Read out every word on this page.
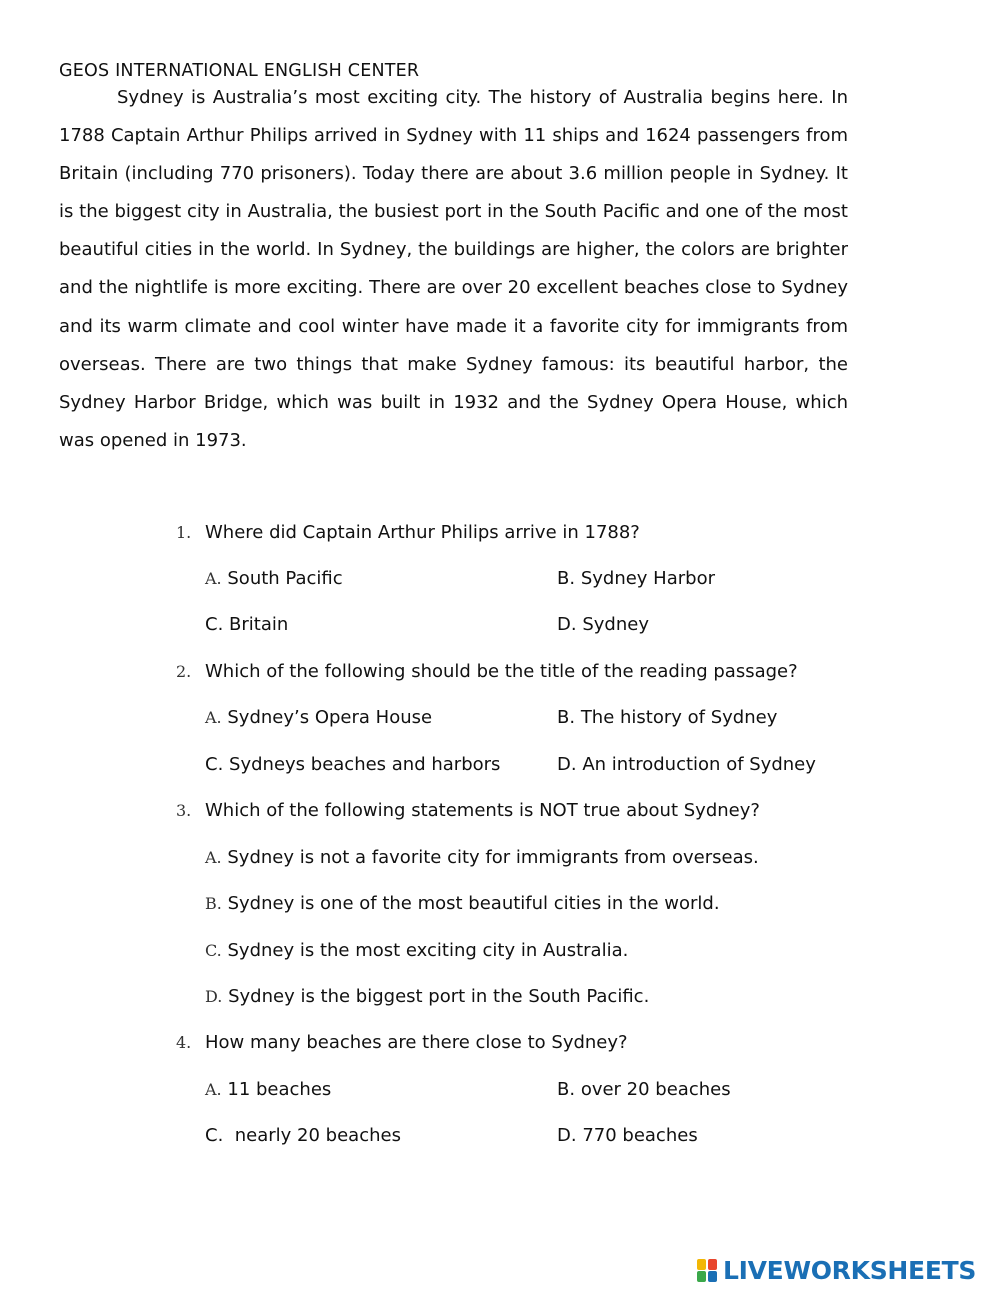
GEOS INTERNATIONAL ENGLISH CENTER

Sydney is Australia’s most exciting city. The history of Australia begins here. In 1788 Captain Arthur Philips arrived in Sydney with 11 ships and 1624 passengers from Britain (including 770 prisoners). Today there are about 3.6 million people in Sydney. It is the biggest city in Australia, the busiest port in the South Pacific and one of the most beautiful cities in the world. In Sydney, the buildings are higher, the colors are brighter and the nightlife is more exciting. There are over 20 excellent beaches close to Sydney and its warm climate and cool winter have made it a favorite city for immigrants from overseas. There are two things that make Sydney famous: its beautiful harbor, the Sydney Harbor Bridge, which was built in 1932 and the Sydney Opera House, which was opened in 1973.

1. Where did Captain Arthur Philips arrive in 1788?
A. South Pacific	B. Sydney Harbor
C. Britain	D. Sydney
2. Which of the following should be the title of the reading passage?
A. Sydney’s Opera House	B. The history of Sydney
C. Sydneys beaches and harbors	D. An introduction of Sydney
3. Which of the following statements is NOT true about Sydney?
A. Sydney is not a favorite city for immigrants from overseas.
B. Sydney is one of the most beautiful cities in the world.
C. Sydney is the most exciting city in Australia.
D. Sydney is the biggest port in the South Pacific.
4. How many beaches are there close to Sydney?
A. 11 beaches	B. over 20 beaches
C.  nearly 20 beaches	D. 770 beaches
LIVEWORKSHEETS
